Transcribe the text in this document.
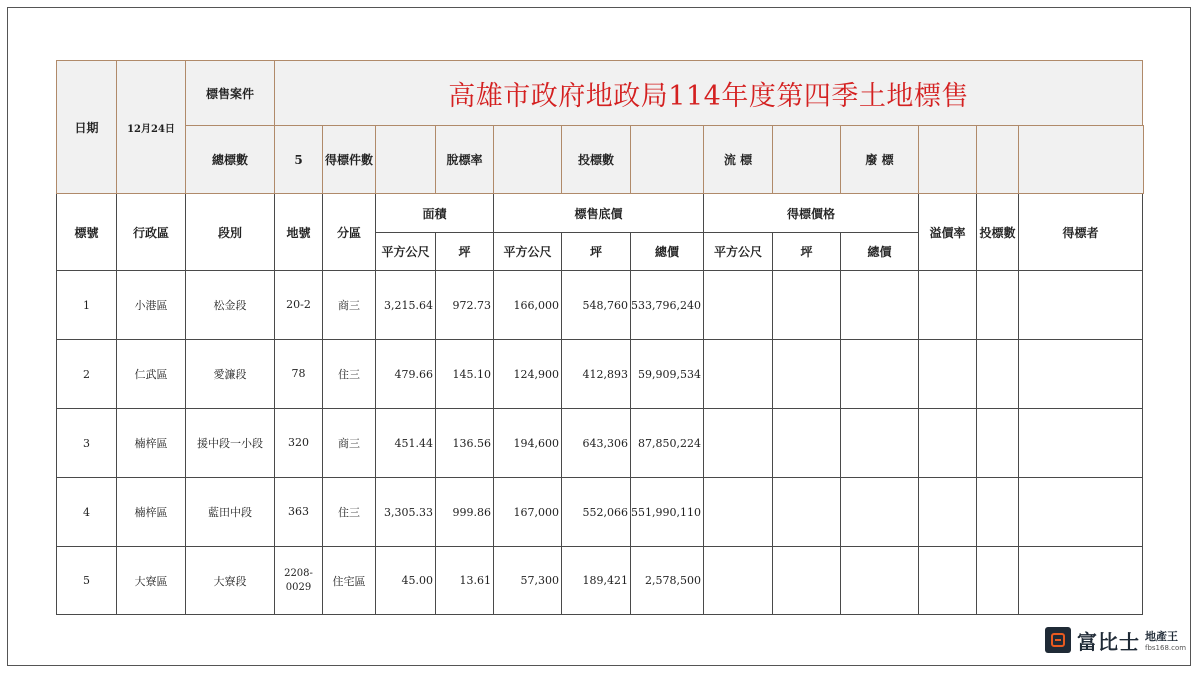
日期	12月24日	標售案件	高雄市政府地政局114年度第四季土地標售												
		總標數	5	得標件數		脫標率		投標數		流 標		廢 標			
標號	行政區	段別	地號	分區	面積		標售底價			得標價格			溢價率	投標數	得標者
					平方公尺	坪	平方公尺	坪	總價	平方公尺	坪	總價			
1	小港區	松金段	20-2	商三	3,215.64	972.73	166,000	548,760	533,796,240						
2	仁武區	愛濂段	78	住三	479.66	145.10	124,900	412,893	59,909,534						
3	楠梓區	援中段一小段	320	商三	451.44	136.56	194,600	643,306	87,850,224						
4	楠梓區	藍田中段	363	住三	3,305.33	999.86	167,000	552,066	551,990,110						
5	大寮區	大寮段	2208-0029	住宅區	45.00	13.61	57,300	189,421	2,578,500						
富比士 地產王
fbs168.com
